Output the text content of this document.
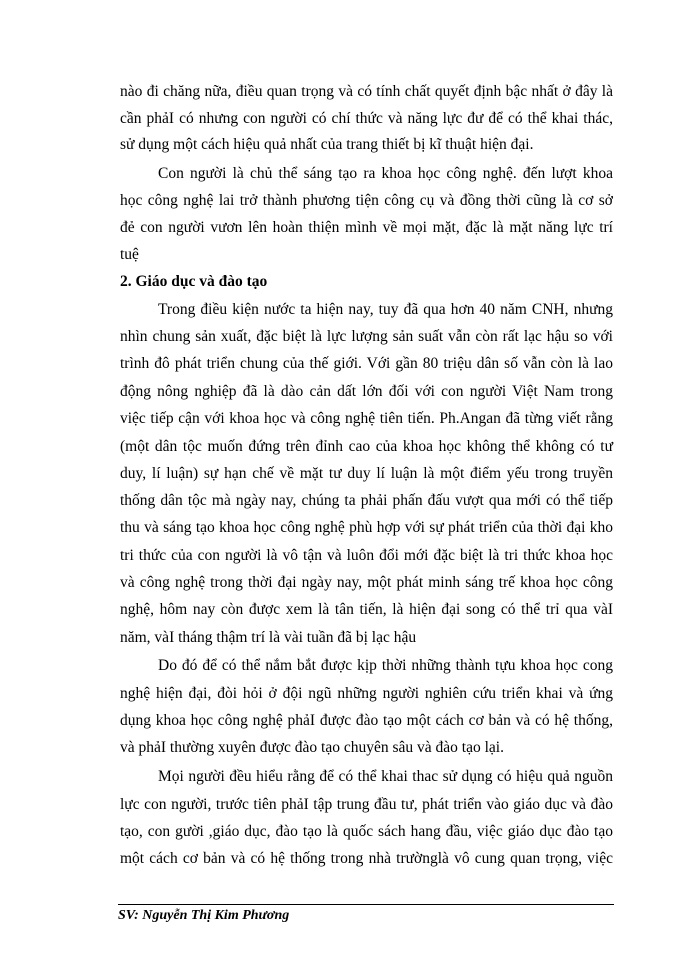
nào đi chăng nữa, điều quan trọng và có tính chất quyết định bậc nhất ở đây là
cần phảI có nhưng con người có chí thức và năng lực đư để có thể khai thác,
sử dụng một cách hiệu quả nhất của trang thiết bị kĩ thuật hiện đại.
Con người là chủ thể sáng tạo ra khoa học công nghệ. đến lượt khoa
học công nghệ lai trở thành phương tiện công cụ và đồng thời cũng là cơ sở
đẻ con người vươn lên hoàn thiện mình về mọi mặt, đặc là mặt năng lực trí
tuệ
2. Giáo dục và đào tạo
Trong điều kiện nước ta hiện nay, tuy đã qua hơn 40 năm CNH, nhưng
nhìn chung sản xuất, đặc biệt là lực lượng sản suất vẫn còn rất lạc hậu so với
trình đô phát triển chung của thế giới. Với gần 80 triệu dân số vẫn còn là lao
động nông nghiệp đã là dào cản dất lớn đối với con người Việt Nam trong
việc tiếp cận với khoa học và công nghệ tiên tiến. Ph.Angan đã từng viết rằng
(một dân tộc muốn đứng trên đỉnh cao của khoa học không thể không có tư
duy, lí luận) sự hạn chế về mặt tư duy lí luận là một điểm yếu trong truyền
thống dân tộc mà ngày nay, chúng ta phải phấn đấu vượt qua mới có thể tiếp
thu và sáng tạo khoa học công nghệ phù hợp với sự phát triển của thời đại kho
tri thức của con người là vô tận và luôn đổi mới đặc biệt là tri thức khoa học
và công nghệ trong thời đại ngày nay, một phát minh sáng trế khoa học công
nghệ, hôm nay còn được xem là tân tiến, là hiện đại song có thể trỉ qua vàI
năm, vàI tháng thậm trí là vài tuần đã bị lạc hậu
Do đó để có thể nắm bắt được kịp thời những thành tựu khoa học cong
nghệ hiện đại, đòi hỏi ở đội ngũ những người nghiên cứu triển khai và ứng
dụng khoa học công nghệ phảI được đào tạo một cách cơ bản và có hệ thống,
và phảI thường xuyên được đào tạo chuyên sâu và đào tạo lại.
Mọi người đều hiểu rằng để có thể khai thac sử dụng có hiệu quả nguồn
lực con người, trước tiên phảI tập trung đầu tư, phát triển vào giáo dục và đào
tạo, con gười ,giáo dục, đào tạo là quốc sách hang đầu, việc giáo dục đào tạo
một cách cơ bản và có hệ thống trong nhà trườnglà vô cung quan trọng, việc
SV: Nguyễn Thị Kim Phương
